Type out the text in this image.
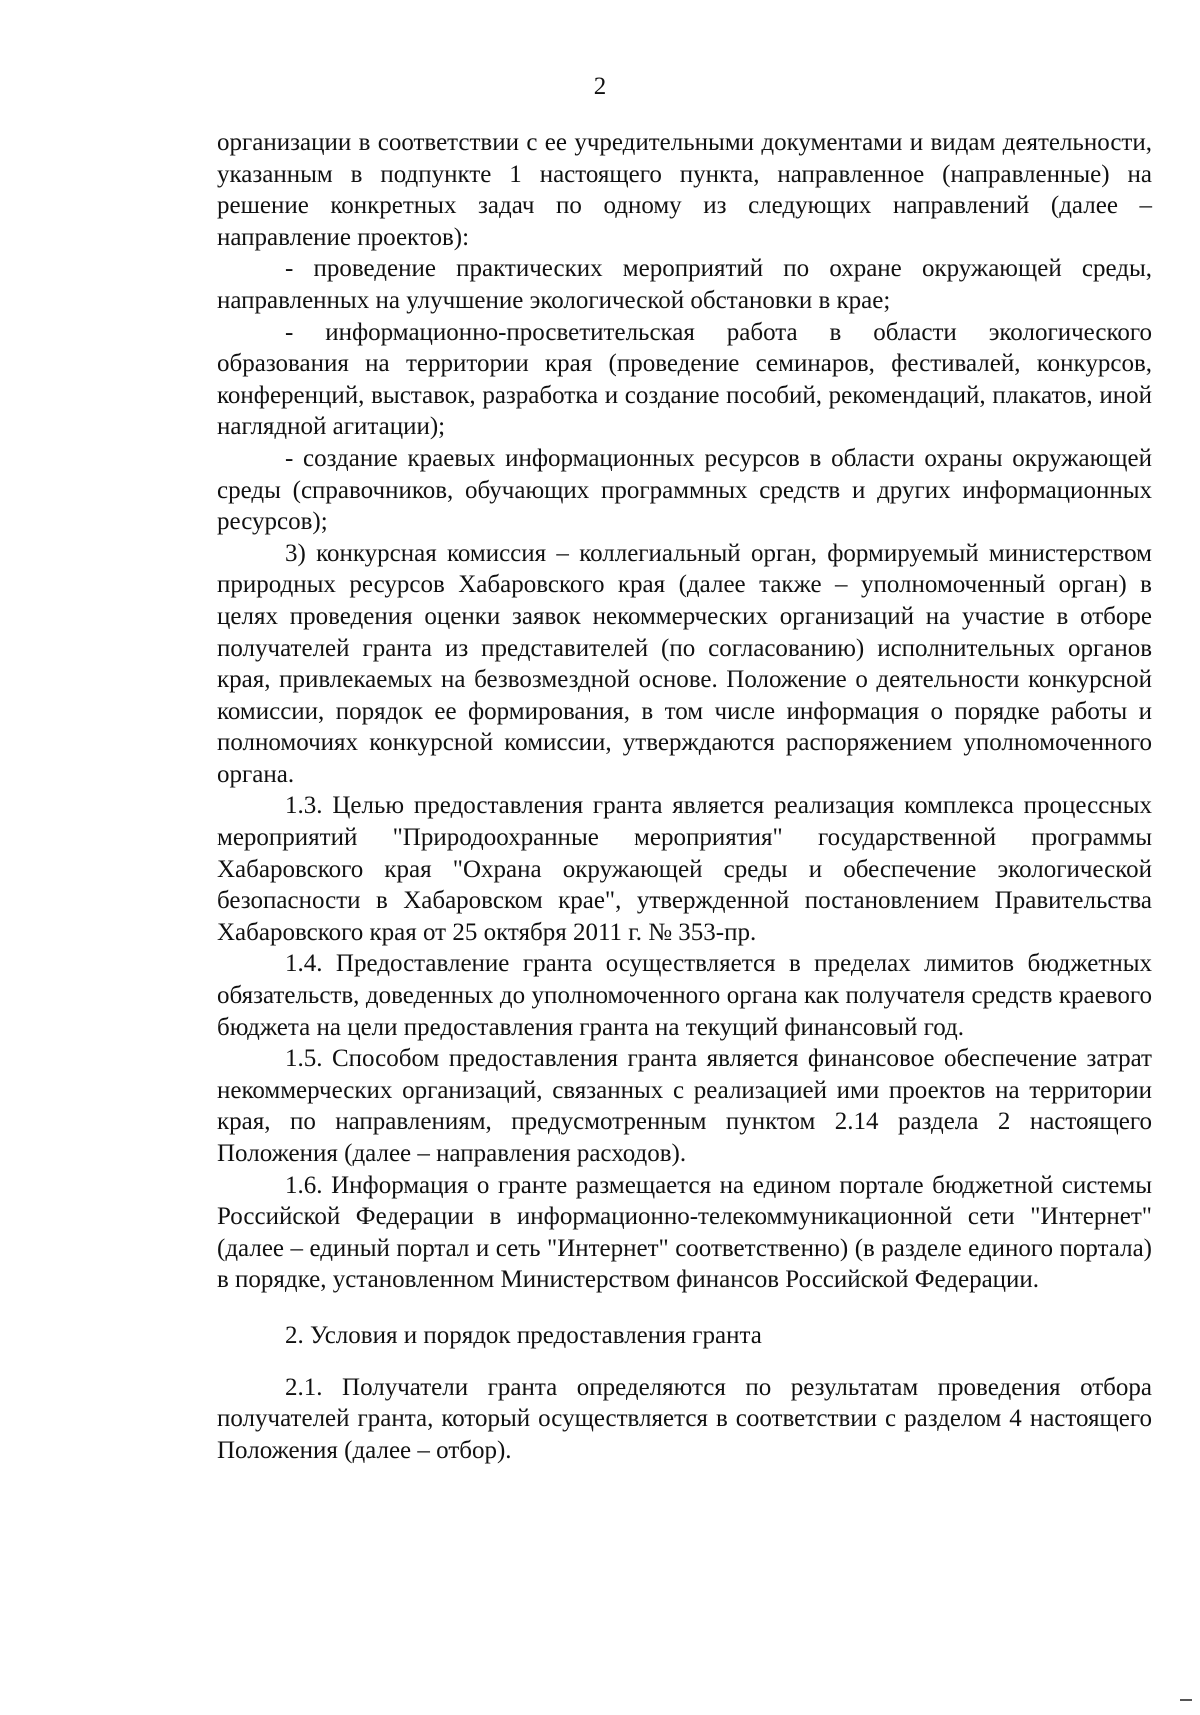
2

организации в соответствии с ее учредительными документами и видам деятельности, указанным в подпункте 1 настоящего пункта, направленное (направленные) на решение конкретных задач по одному из следующих направлений (далее – направление проектов):

- проведение практических мероприятий по охране окружающей среды, направленных на улучшение экологической обстановки в крае;

- информационно-просветительская работа в области экологического образования на территории края (проведение семинаров, фестивалей, конкурсов, конференций, выставок, разработка и создание пособий, рекомендаций, плакатов, иной наглядной агитации);

- создание краевых информационных ресурсов в области охраны окружающей среды (справочников, обучающих программных средств и других информационных ресурсов);

3) конкурсная комиссия – коллегиальный орган, формируемый министерством природных ресурсов Хабаровского края (далее также – уполномоченный орган) в целях проведения оценки заявок некоммерческих организаций на участие в отборе получателей гранта из представителей (по согласованию) исполнительных органов края, привлекаемых на безвозмездной основе. Положение о деятельности конкурсной комиссии, порядок ее формирования, в том числе информация о порядке работы и полномочиях конкурсной комиссии, утверждаются распоряжением уполномоченного органа.

1.3. Целью предоставления гранта является реализация комплекса процессных мероприятий "Природоохранные мероприятия" государственной программы Хабаровского края "Охрана окружающей среды и обеспечение экологической безопасности в Хабаровском крае", утвержденной постановлением Правительства Хабаровского края от 25 октября 2011 г. № 353-пр.

1.4. Предоставление гранта осуществляется в пределах лимитов бюджетных обязательств, доведенных до уполномоченного органа как получателя средств краевого бюджета на цели предоставления гранта на текущий финансовый год.

1.5. Способом предоставления гранта является финансовое обеспечение затрат некоммерческих организаций, связанных с реализацией ими проектов на территории края, по направлениям, предусмотренным пунктом 2.14 раздела 2 настоящего Положения (далее – направления расходов).

1.6. Информация о гранте размещается на едином портале бюджетной системы Российской Федерации в информационно-телекоммуникационной сети "Интернет" (далее – единый портал и сеть "Интернет" соответственно) (в разделе единого портала) в порядке, установленном Министерством финансов Российской Федерации.

2. Условия и порядок предоставления гранта

2.1. Получатели гранта определяются по результатам проведения отбора получателей гранта, который осуществляется в соответствии с разделом 4 настоящего Положения (далее – отбор).
